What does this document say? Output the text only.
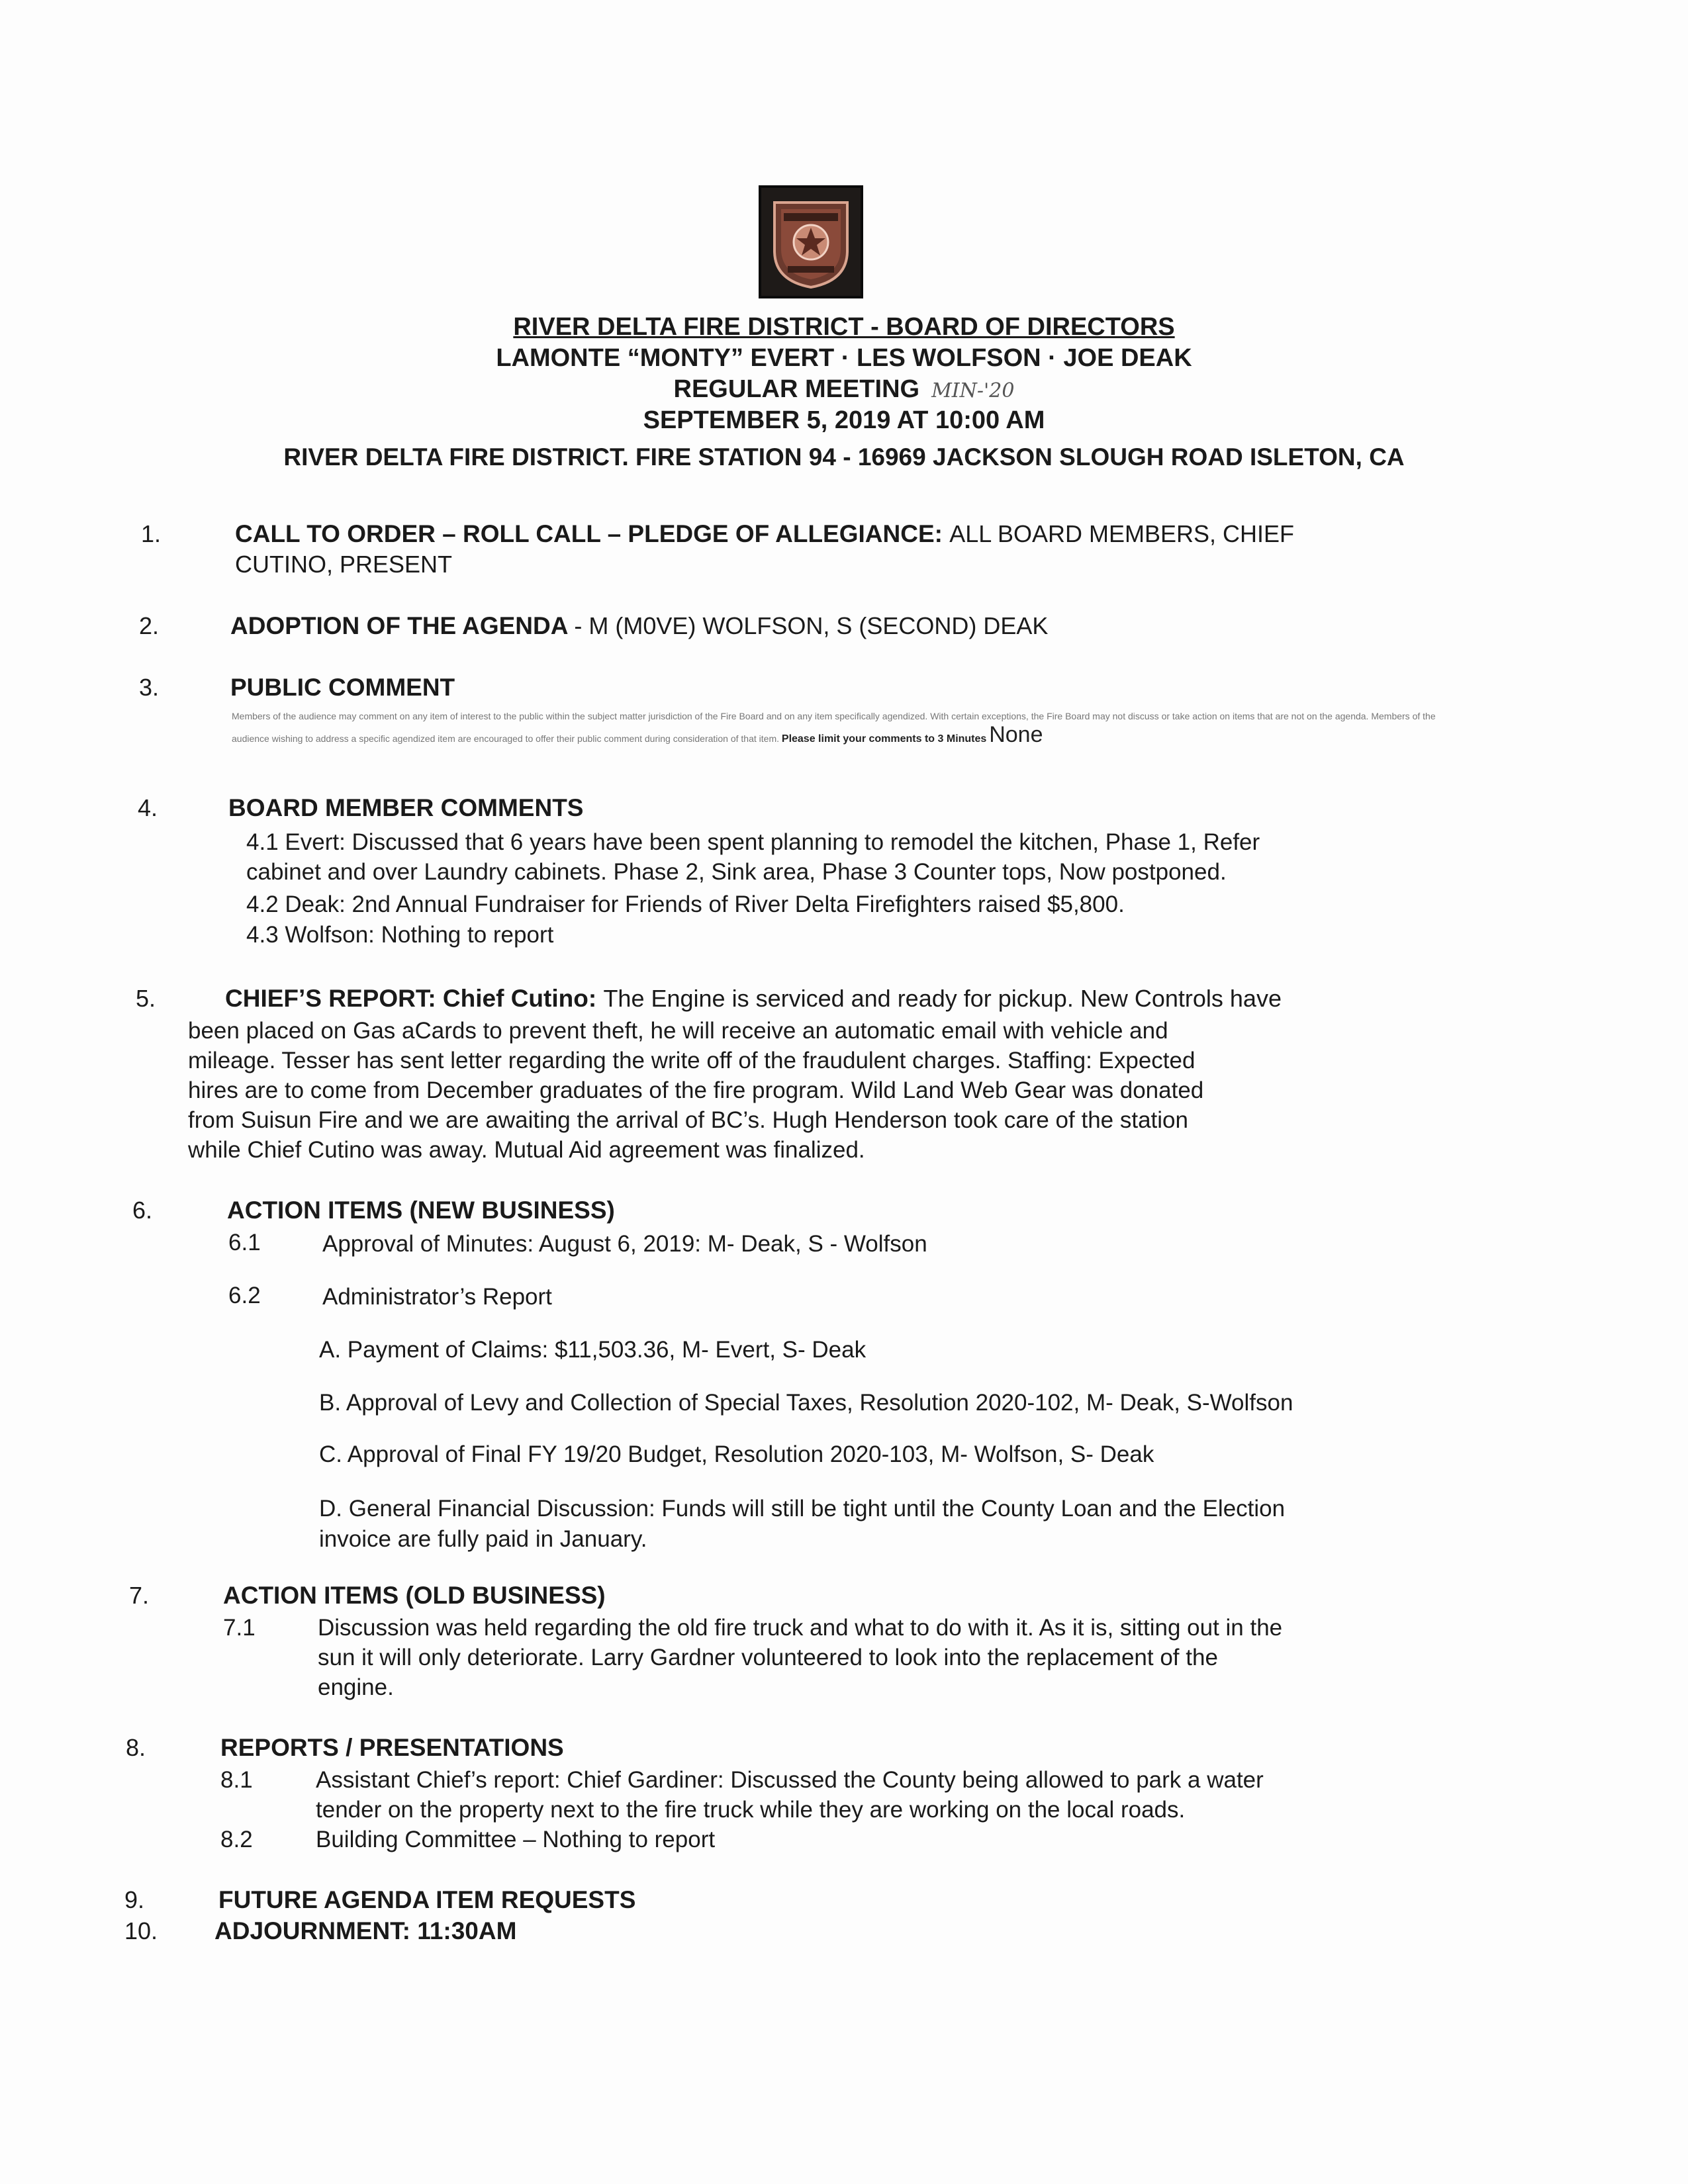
RIVER DELTA FIRE DISTRICT - BOARD OF DIRECTORS
LAMONTE “MONTY” EVERT · LES WOLFSON · JOE DEAK
REGULAR MEETING MIN-'20
SEPTEMBER 5, 2019 AT 10:00 AM
RIVER DELTA FIRE DISTRICT. FIRE STATION 94 - 16969 JACKSON SLOUGH ROAD ISLETON, CA
1.	CALL TO ORDER – ROLL CALL – PLEDGE OF ALLEGIANCE: ALL BOARD MEMBERS, CHIEF
CUTINO, PRESENT
2.	ADOPTION OF THE AGENDA - M (M0VE) WOLFSON, S (SECOND) DEAK
3.	PUBLIC COMMENT
Members of the audience may comment on any item of interest to the public within the subject matter jurisdiction of the Fire Board and on any item specifically agendized. With certain exceptions, the Fire Board may not discuss or take action on items that are not on the agenda. Members of the audience wishing to address a specific agendized item are encouraged to offer their public comment during consideration of that item. Please limit your comments to 3 Minutes None
4.	BOARD MEMBER COMMENTS
4.1 Evert: Discussed that 6 years have been spent planning to remodel the kitchen, Phase 1, Refer
cabinet and over Laundry cabinets. Phase 2, Sink area, Phase 3 Counter tops, Now postponed.
4.2 Deak: 2nd Annual Fundraiser for Friends of River Delta Firefighters raised $5,800.
4.3 Wolfson: Nothing to report
5.	CHIEF’S REPORT: Chief Cutino: The Engine is serviced and ready for pickup. New Controls have
been placed on Gas aCards to prevent theft, he will receive an automatic email with vehicle and
mileage. Tesser has sent letter regarding the write off of the fraudulent charges. Staffing: Expected
hires are to come from December graduates of the fire program. Wild Land Web Gear was donated
from Suisun Fire and we are awaiting the arrival of BC’s. Hugh Henderson took care of the station
while Chief Cutino was away. Mutual Aid agreement was finalized.
6.	ACTION ITEMS (NEW BUSINESS)
6.1	Approval of Minutes: August 6, 2019: M- Deak, S - Wolfson
6.2	Administrator’s Report
A. Payment of Claims: $11,503.36, M- Evert, S- Deak
B. Approval of Levy and Collection of Special Taxes, Resolution 2020-102, M- Deak, S-Wolfson
C. Approval of Final FY 19/20 Budget, Resolution 2020-103, M- Wolfson, S- Deak
D. General Financial Discussion: Funds will still be tight until the County Loan and the Election
invoice are fully paid in January.
7.	ACTION ITEMS (OLD BUSINESS)
7.1	Discussion was held regarding the old fire truck and what to do with it. As it is, sitting out in the
sun it will only deteriorate. Larry Gardner volunteered to look into the replacement of the
engine.
8.	REPORTS / PRESENTATIONS
8.1	Assistant Chief’s report: Chief Gardiner: Discussed the County being allowed to park a water
tender on the property next to the fire truck while they are working on the local roads.
8.2	Building Committee – Nothing to report
9.	FUTURE AGENDA ITEM REQUESTS
10. ADJOURNMENT: 11:30AM
